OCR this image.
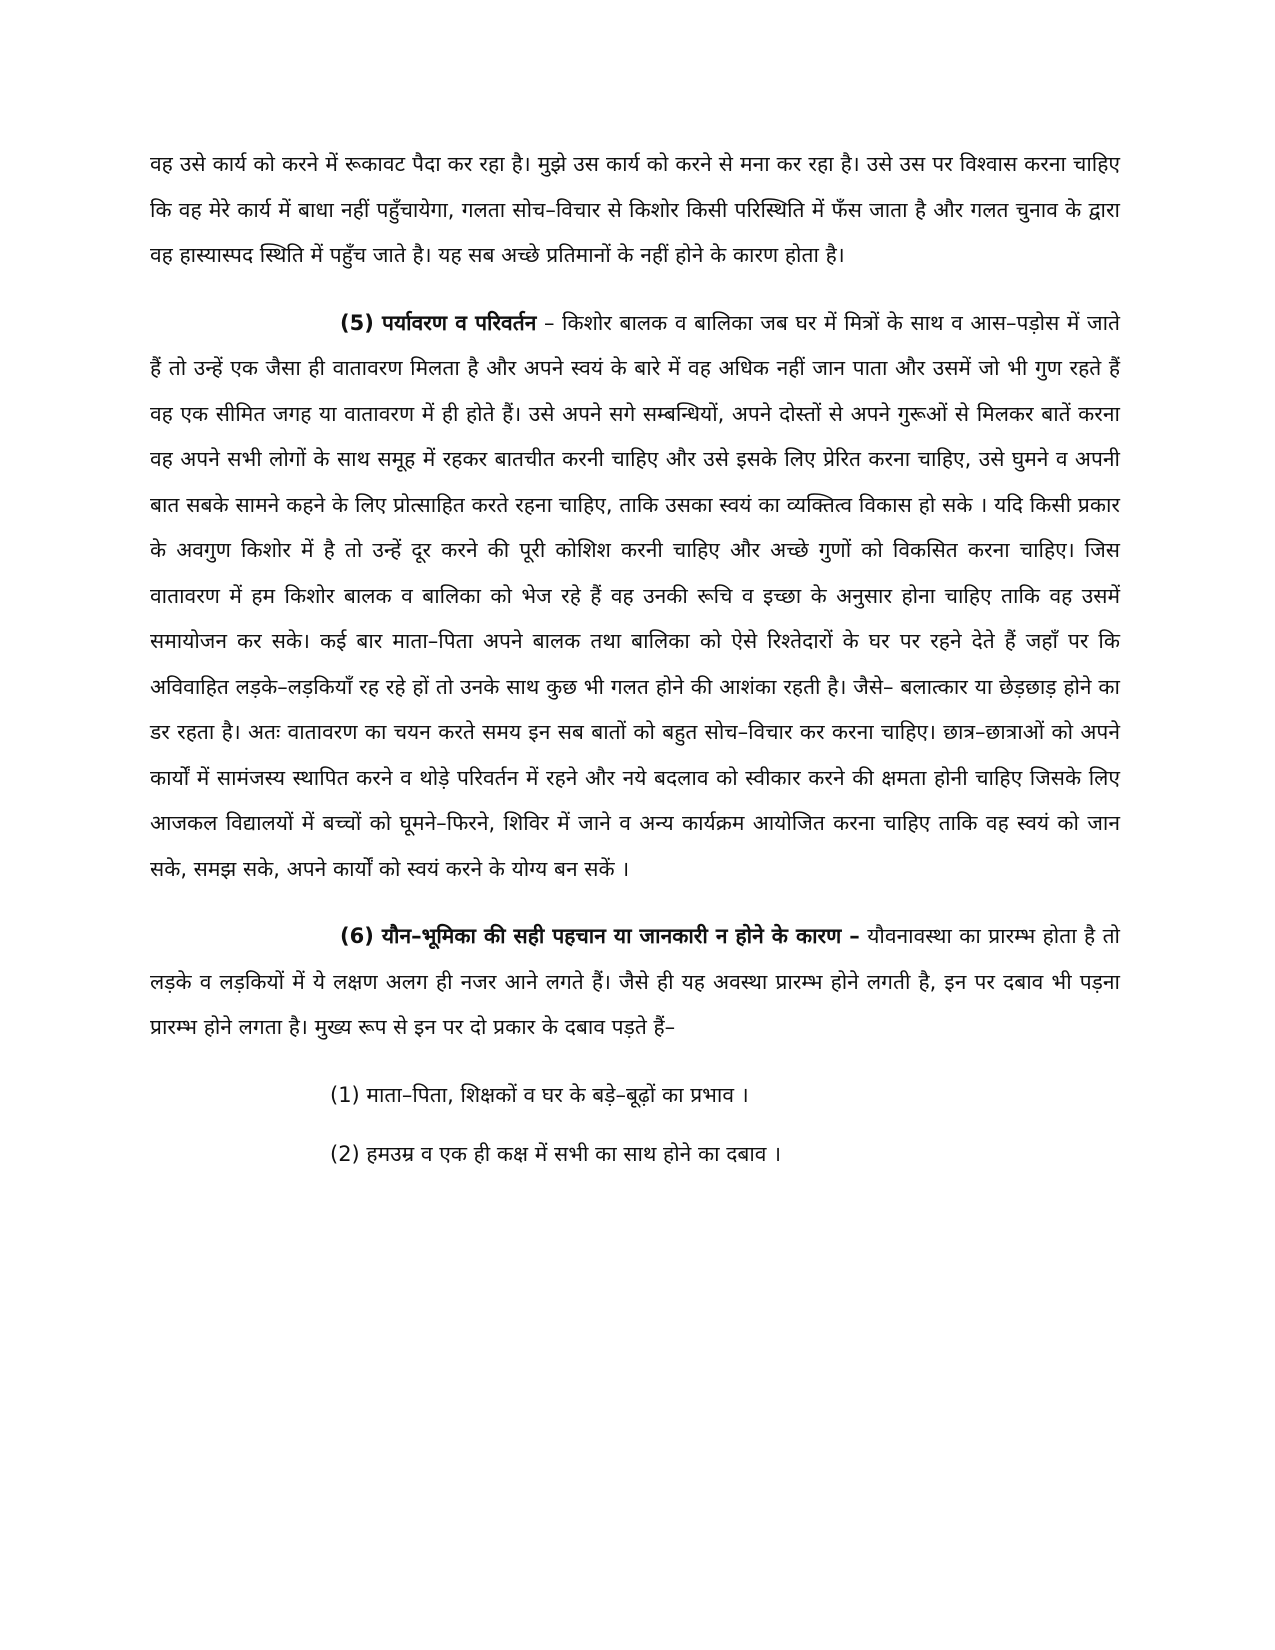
वह उसे कार्य को करने में रूकावट पैदा कर रहा है। मुझे उस कार्य को करने से मना कर रहा है। उसे उस पर विश्वास करना चाहिए कि वह मेरे कार्य में बाधा नहीं पहुँचायेगा, गलता सोच–विचार से किशोर किसी परिस्थिति में फँस जाता है और गलत चुनाव के द्वारा वह हास्यास्पद स्थिति में पहुँच जाते है। यह सब अच्छे प्रतिमानों के नहीं होने के कारण होता है।

(5) पर्यावरण व परिवर्तन – किशोर बालक व बालिका जब घर में मित्रों के साथ व आस–पड़ोस में जाते हैं तो उन्हें एक जैसा ही वातावरण मिलता है और अपने स्वयं के बारे में वह अधिक नहीं जान पाता और उसमें जो भी गुण रहते हैं वह एक सीमित जगह या वातावरण में ही होते हैं। उसे अपने सगे सम्बन्धियों, अपने दोस्तों से अपने गुरूओं से मिलकर बातें करना वह अपने सभी लोगों के साथ समूह में रहकर बातचीत करनी चाहिए और उसे इसके लिए प्रेरित करना चाहिए, उसे घुमने व अपनी बात सबके सामने कहने के लिए प्रोत्साहित करते रहना चाहिए, ताकि उसका स्वयं का व्यक्तित्व विकास हो सके । यदि किसी प्रकार के अवगुण किशोर में है तो उन्हें दूर करने की पूरी कोशिश करनी चाहिए और अच्छे गुणों को विकसित करना चाहिए। जिस वातावरण में हम किशोर बालक व बालिका को भेज रहे हैं वह उनकी रूचि व इच्छा के अनुसार होना चाहिए ताकि वह उसमें समायोजन कर सके। कई बार माता–पिता अपने बालक तथा बालिका को ऐसे रिश्तेदारों के घर पर रहने देते हैं जहाँ पर कि अविवाहित लड़के–लड़कियाँ रह रहे हों तो उनके साथ कुछ भी गलत होने की आशंका रहती है। जैसे– बलात्कार या छेड़छाड़ होने का डर रहता है। अतः वातावरण का चयन करते समय इन सब बातों को बहुत सोच–विचार कर करना चाहिए। छात्र–छात्राओं को अपने कार्यों में सामंजस्य स्थापित करने व थोड़े परिवर्तन में रहने और नये बदलाव को स्वीकार करने की क्षमता होनी चाहिए जिसके लिए आजकल विद्यालयों में बच्चों को घूमने–फिरने, शिविर में जाने व अन्य कार्यक्रम आयोजित करना चाहिए ताकि वह स्वयं को जान सके, समझ सके, अपने कार्यों को स्वयं करने के योग्य बन सकें ।

(6) यौन–भूमिका की सही पहचान या जानकारी न होने के कारण – यौवनावस्था का प्रारम्भ होता है तो लड़के व लड़कियों में ये लक्षण अलग ही नजर आने लगते हैं। जैसे ही यह अवस्था प्रारम्भ होने लगती है, इन पर दबाव भी पड़ना प्रारम्भ होने लगता है। मुख्य रूप से इन पर दो प्रकार के दबाव पड़ते हैं–

(1) माता–पिता, शिक्षकों व घर के बड़े–बूढ़ों का प्रभाव ।

(2) हमउम्र व एक ही कक्ष में सभी का साथ होने का दबाव ।
